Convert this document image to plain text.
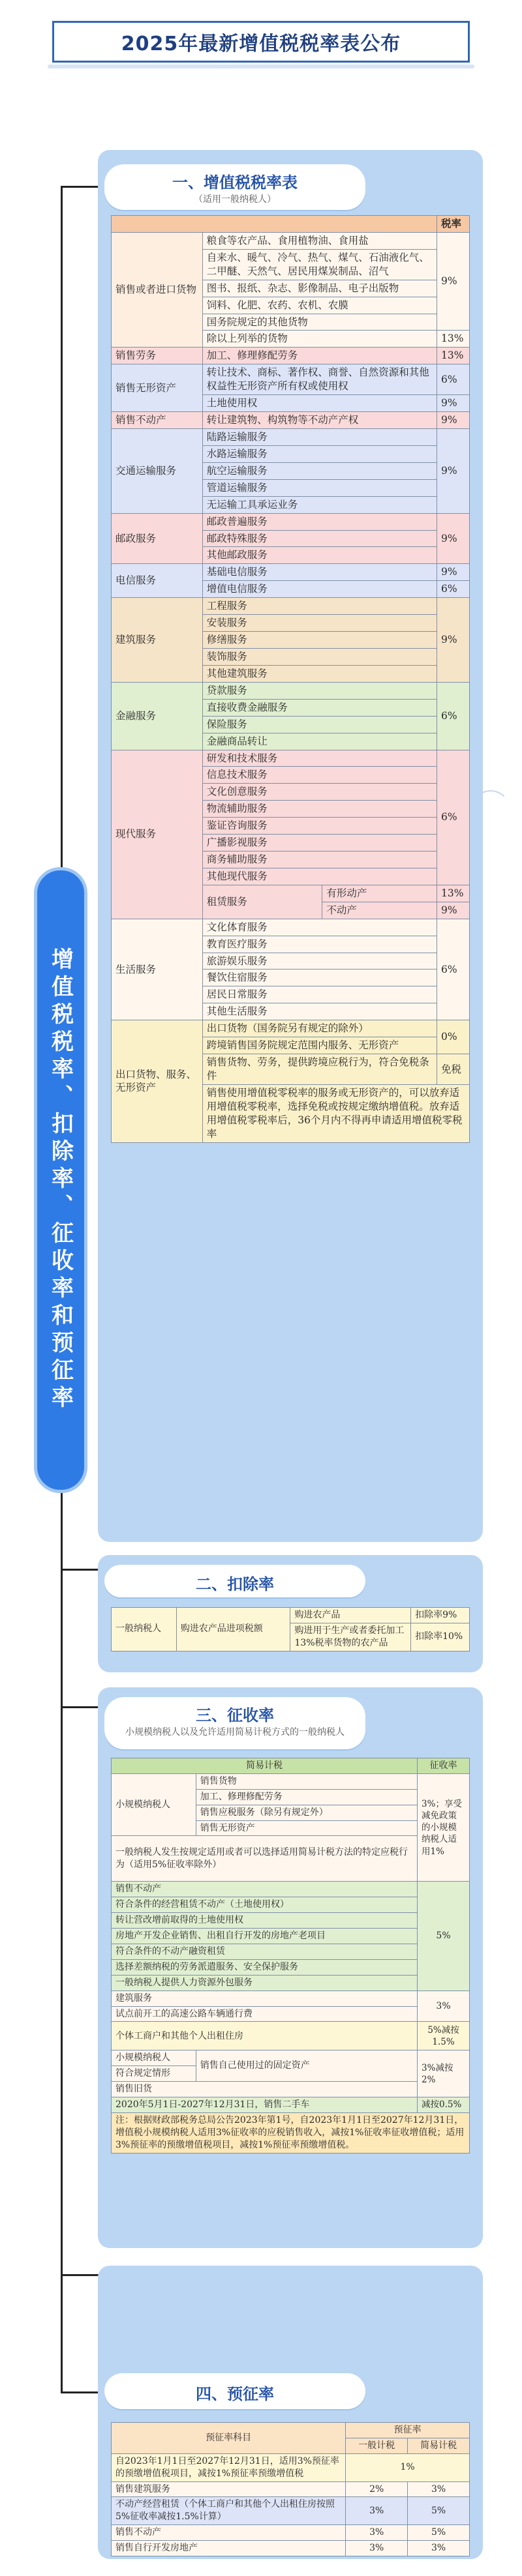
2025年最新增值税税率表公布
增值税税率、扣除率、征收率和预征率
一、增值税税率表
（适用一般纳税人）
			税率
销售或者进口货物	粮食等农产品、食用植物油、食用盐		9%
	自来水、暖气、冷气、热气、煤气、石油液化气、二甲醚、天然气、居民用煤炭制品、沼气		
	图书、报纸、杂志、影像制品、电子出版物		
	饲料、化肥、农药、农机、农膜		
	国务院规定的其他货物		
	除以上列举的货物		13%
销售劳务	加工、修理修配劳务		13%
销售无形资产	转让技术、商标、著作权、商誉、自然资源和其他权益性无形资产所有权或使用权		6%
	土地使用权		9%
销售不动产	转让建筑物、构筑物等不动产产权		9%
交通运输服务	陆路运输服务		9%
	水路运输服务		
	航空运输服务		
	管道运输服务		
	无运输工具承运业务		
邮政服务	邮政普遍服务		9%
	邮政特殊服务		
	其他邮政服务		
电信服务	基础电信服务		9%
	增值电信服务		6%
建筑服务	工程服务		9%
	安装服务		
	修缮服务		
	装饰服务		
	其他建筑服务		
金融服务	贷款服务		6%
	直接收费金融服务		
	保险服务		
	金融商品转让		
现代服务	研发和技术服务		6%
	信息技术服务		
	文化创意服务		
	物流辅助服务		
	鉴证咨询服务		
	广播影视服务		
	商务辅助服务		
	其他现代服务		
	租赁服务	有形动产	13%
		不动产	9%
生活服务	文化体育服务		6%
	教育医疗服务		
	旅游娱乐服务		
	餐饮住宿服务		
	居民日常服务		
	其他生活服务		
出口货物、服务、无形资产	出口货物（国务院另有规定的除外）		0%
	跨境销售国务院规定范围内服务、无形资产		
	销售货物、劳务，提供跨境应税行为，符合免税条件		免税
	销售使用增值税零税率的服务或无形资产的，可以放弃适用增值税零税率，选择免税或按规定缴纳增值税。放弃适用增值税零税率后，36个月内不得再申请适用增值税零税率		
二、扣除率
一般纳税人	购进农产品进项税额	购进农产品	扣除率9%
		购进用于生产或者委托加工13%税率货物的农产品	扣除率10%
三、征收率
小规模纳税人以及允许适用简易计税方式的一般纳税人
简易计税		征收率
小规模纳税人	销售货物	3%；享受减免政策的小规模纳税人适用1%
	加工、修理修配劳务	
	销售应税服务（除另有规定外）	
	销售无形资产	
一般纳税人发生按规定适用或者可以选择适用简易计税方法的特定应税行为（适用5%征收率除外）		
销售不动产		5%
符合条件的经营租赁不动产（土地使用权）		
转让营改增前取得的土地使用权		
房地产开发企业销售、出租自行开发的房地产老项目		
符合条件的不动产融资租赁		
选择差额纳税的劳务派遣服务、安全保护服务		
一般纳税人提供人力资源外包服务		
建筑服务		3%
试点前开工的高速公路车辆通行费		
个体工商户和其他个人出租住房		5%减按1.5%
小规模纳税人	销售自己使用过的固定资产	3%减按2%
符合规定情形		
销售旧货		
2020年5月1日-2027年12月31日，销售二手车		减按0.5%
注：根据财政部税务总局公告2023年第1号，自2023年1月1日至2027年12月31日，增值税小规模纳税人适用3%征收率的应税销售收入，减按1%征收率征收增值税；适用3%预征率的预缴增值税项目，减按1%预征率预缴增值税。		
四、预征率
预征率科目	预征率	
	一般计税	简易计税
自2023年1月1日至2027年12月31日，适用3%预征率的预缴增值税项目，减按1%预征率预缴增值税	1%	
销售建筑服务	2%	3%
不动产经营租赁（个体工商户和其他个人出租住房按照5%征收率减按1.5%计算）	3%	5%
销售不动产	3%	5%
销售自行开发房地产	3%	3%
